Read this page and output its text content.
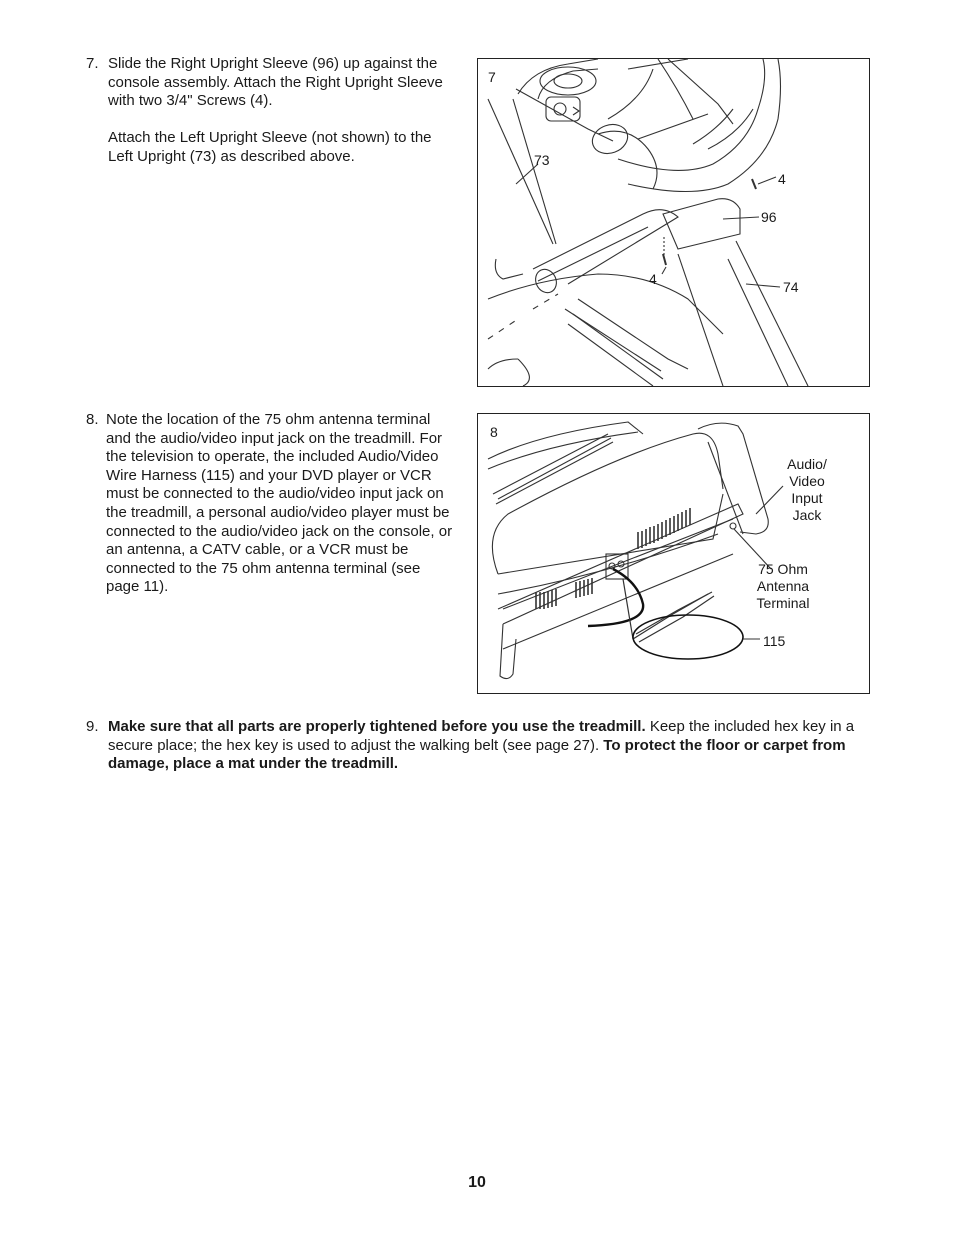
7. Slide the Right Upright Sleeve (96) up against the console assembly. Attach the Right Upright Sleeve with two 3/4" Screws (4).

Attach the Left Upright Sleeve (not shown) to the Left Upright (73) as described above.

7
73
4
96
4	74
8. Note the location of the 75 ohm antenna terminal and the audio/video input jack on the treadmill. For the television to operate, the included Audio/Video Wire Harness (115) and your DVD player or VCR must be connected to the audio/video input jack on the treadmill, a personal audio/video player must be connected to the audio/video jack on the console, or an antenna, a CATV cable, or a VCR must be connected to the 75 ohm antenna terminal (see page 11).

8
Audio/
Video
Input
Jack
75 Ohm
Antenna
Terminal
115
9. Make sure that all parts are properly tightened before you use the treadmill. Keep the included hex key in a secure place; the hex key is used to adjust the walking belt (see page 27). To protect the floor or carpet from damage, place a mat under the treadmill.

10
